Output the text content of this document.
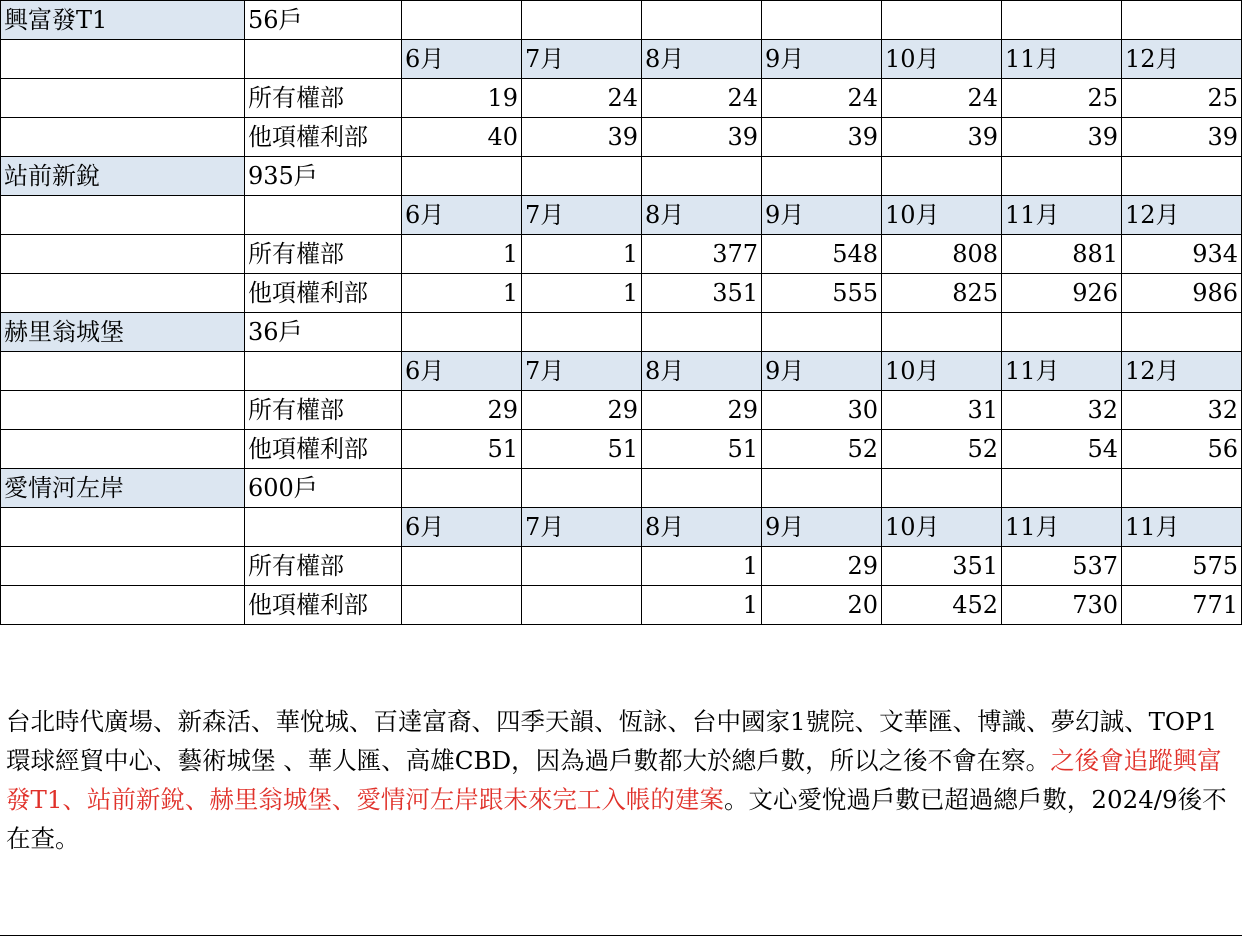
興富發T1	56戶							
		6月	7月	8月	9月	10月	11月	12月
	所有權部	19	24	24	24	24	25	25
	他項權利部	40	39	39	39	39	39	39
站前新銳	935戶							
		6月	7月	8月	9月	10月	11月	12月
	所有權部	1	1	377	548	808	881	934
	他項權利部	1	1	351	555	825	926	986
赫里翁城堡	36戶							
		6月	7月	8月	9月	10月	11月	12月
	所有權部	29	29	29	30	31	32	32
	他項權利部	51	51	51	52	52	54	56
愛情河左岸	600戶							
		6月	7月	8月	9月	10月	11月	11月
	所有權部			1	29	351	537	575
	他項權利部			1	20	452	730	771
台北時代廣場、新森活、華悅城、百達富裔、四季天韻、恆詠、台中國家1號院、文華匯、博識、夢幻誠、TOP1環球經貿中心、藝術城堡 、華人匯、高雄CBD，因為過戶數都大於總戶數，所以之後不會在察。之後會追蹤興富發T1、站前新銳、赫里翁城堡、愛情河左岸跟未來完工入帳的建案。文心愛悅過戶數已超過總戶數，2024/9後不在查。
